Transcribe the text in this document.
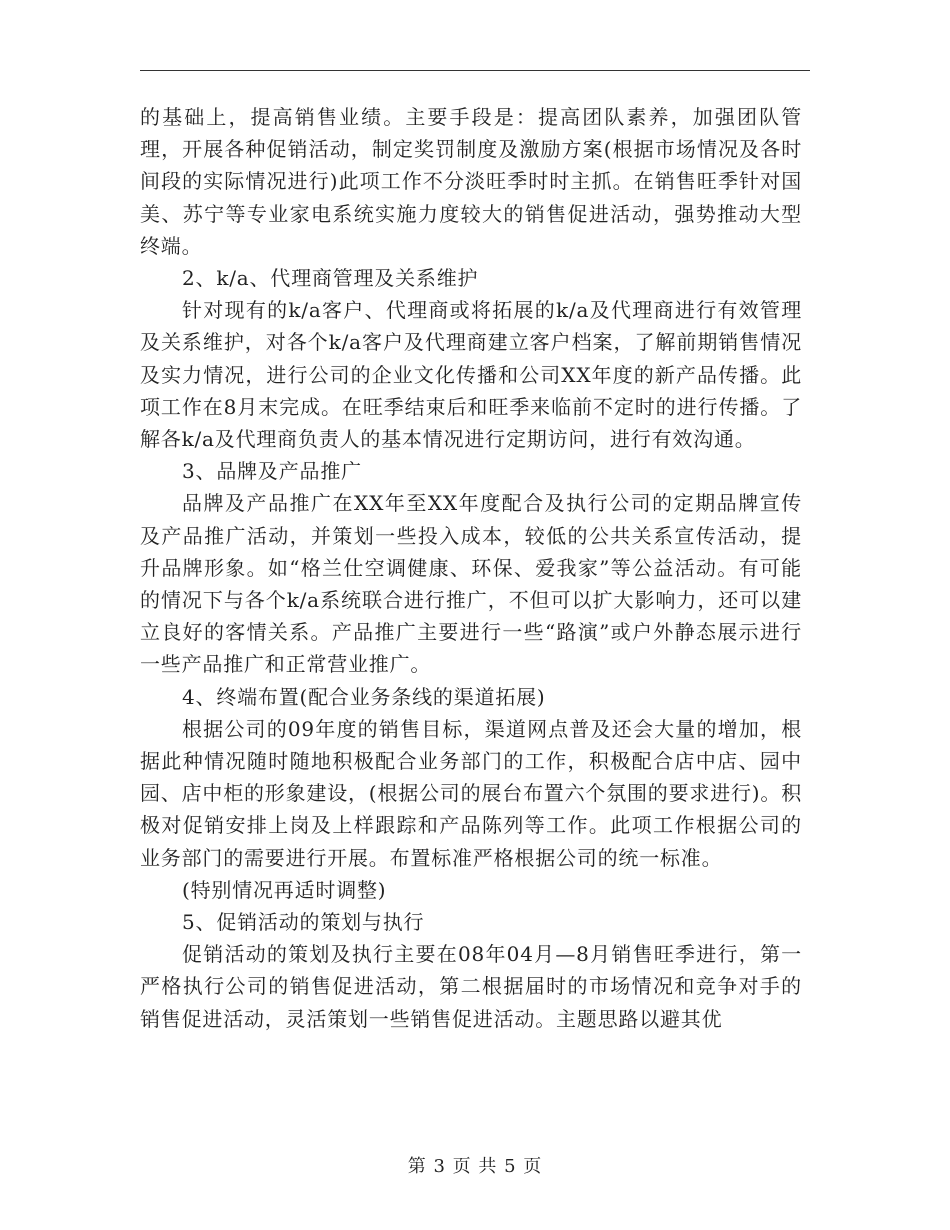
的基础上，提高销售业绩。主要手段是：提高团队素养，加强团队管理，开展各种促销活动，制定奖罚制度及激励方案(根据市场情况及各时间段的实际情况进行)此项工作不分淡旺季时时主抓。在销售旺季针对国美、苏宁等专业家电系统实施力度较大的销售促进活动，强势推动大型终端。

2、k/a、代理商管理及关系维护

针对现有的k/a客户、代理商或将拓展的k/a及代理商进行有效管理及关系维护，对各个k/a客户及代理商建立客户档案，了解前期销售情况及实力情况，进行公司的企业文化传播和公司XX年度的新产品传播。此项工作在8月末完成。在旺季结束后和旺季来临前不定时的进行传播。了解各k/a及代理商负责人的基本情况进行定期访问，进行有效沟通。

3、品牌及产品推广

品牌及产品推广在XX年至XX年度配合及执行公司的定期品牌宣传及产品推广活动，并策划一些投入成本，较低的公共关系宣传活动，提升品牌形象。如“格兰仕空调健康、环保、爱我家”等公益活动。有可能的情况下与各个k/a系统联合进行推广，不但可以扩大影响力，还可以建立良好的客情关系。产品推广主要进行一些“路演”或户外静态展示进行一些产品推广和正常营业推广。

4、终端布置(配合业务条线的渠道拓展)

根据公司的09年度的销售目标，渠道网点普及还会大量的增加，根据此种情况随时随地积极配合业务部门的工作，积极配合店中店、园中园、店中柜的形象建设，(根据公司的展台布置六个氛围的要求进行)。积极对促销安排上岗及上样跟踪和产品陈列等工作。此项工作根据公司的业务部门的需要进行开展。布置标准严格根据公司的统一标准。

(特别情况再适时调整)

5、促销活动的策划与执行

促销活动的策划及执行主要在08年04月—8月销售旺季进行，第一严格执行公司的销售促进活动，第二根据届时的市场情况和竞争对手的销售促进活动，灵活策划一些销售促进活动。主题思路以避其优

第 3 页 共 5 页
